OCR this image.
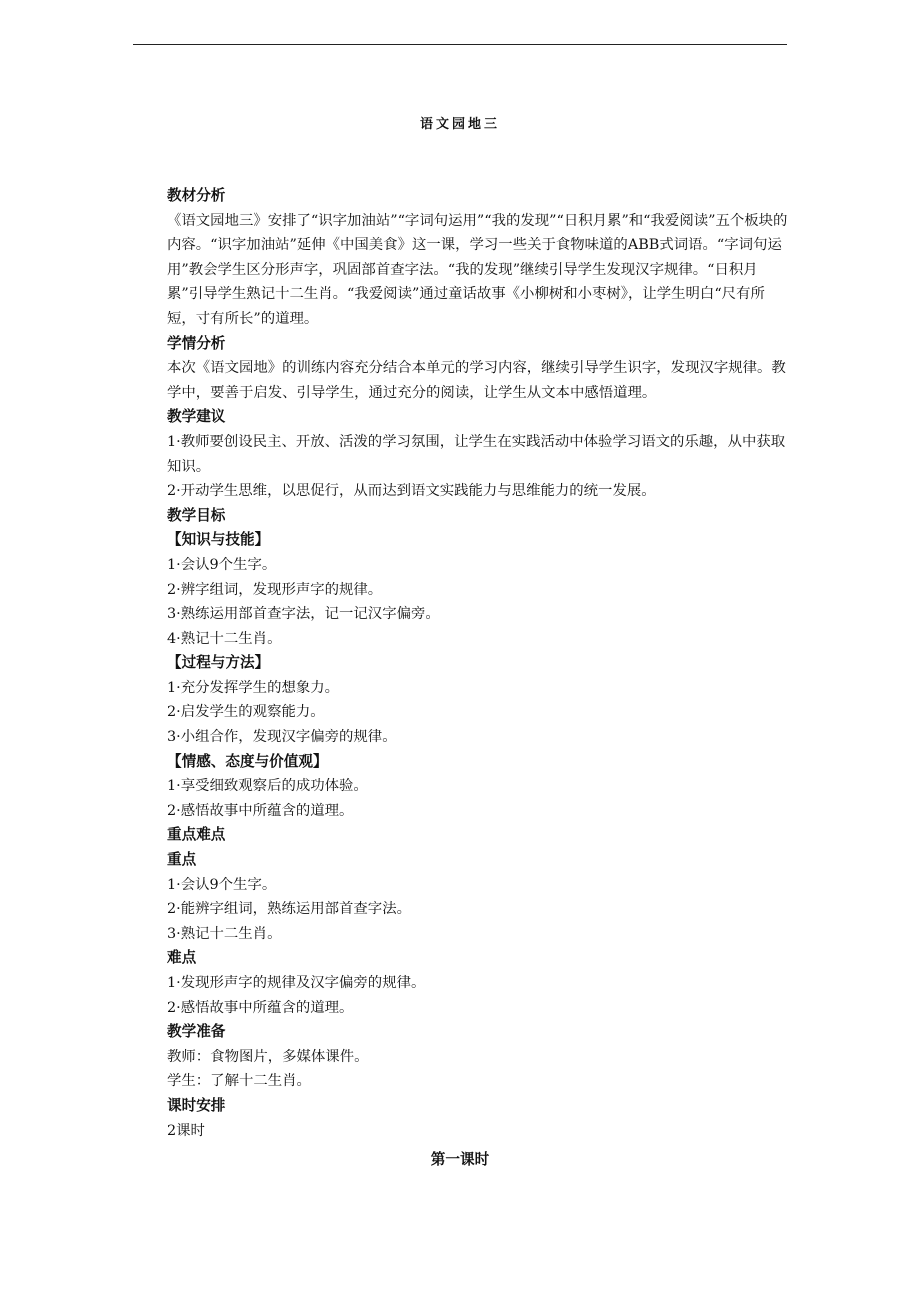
语文园地三

教材分析

《语文园地三》安排了“识字加油站”“字词句运用”“我的发现”“日积月累”和“我爱阅读”五个板块的内容。“识字加油站”延伸《中国美食》这一课，学习一些关于食物味道的ABB式词语。“字词句运用”教会学生区分形声字，巩固部首查字法。“我的发现”继续引导学生发现汉字规律。“日积月累”引导学生熟记十二生肖。“我爱阅读”通过童话故事《小柳树和小枣树》，让学生明白“尺有所短，寸有所长”的道理。

学情分析

本次《语文园地》的训练内容充分结合本单元的学习内容，继续引导学生识字，发现汉字规律。教学中，要善于启发、引导学生，通过充分的阅读，让学生从文本中感悟道理。

教学建议

1·教师要创设民主、开放、活泼的学习氛围，让学生在实践活动中体验学习语文的乐趣，从中获取知识。

2·开动学生思维，以思促行，从而达到语文实践能力与思维能力的统一发展。

教学目标

【知识与技能】

1·会认9个生字。

2·辨字组词，发现形声字的规律。

3·熟练运用部首查字法，记一记汉字偏旁。

4·熟记十二生肖。

【过程与方法】

1·充分发挥学生的想象力。

2·启发学生的观察能力。

3·小组合作，发现汉字偏旁的规律。

【情感、态度与价值观】

1·享受细致观察后的成功体验。

2·感悟故事中所蕴含的道理。

重点难点

重点

1·会认9个生字。

2·能辨字组词，熟练运用部首查字法。

3·熟记十二生肖。

难点

1·发现形声字的规律及汉字偏旁的规律。

2·感悟故事中所蕴含的道理。

教学准备

教师：食物图片，多媒体课件。

学生：了解十二生肖。

课时安排

2课时

第一课时
